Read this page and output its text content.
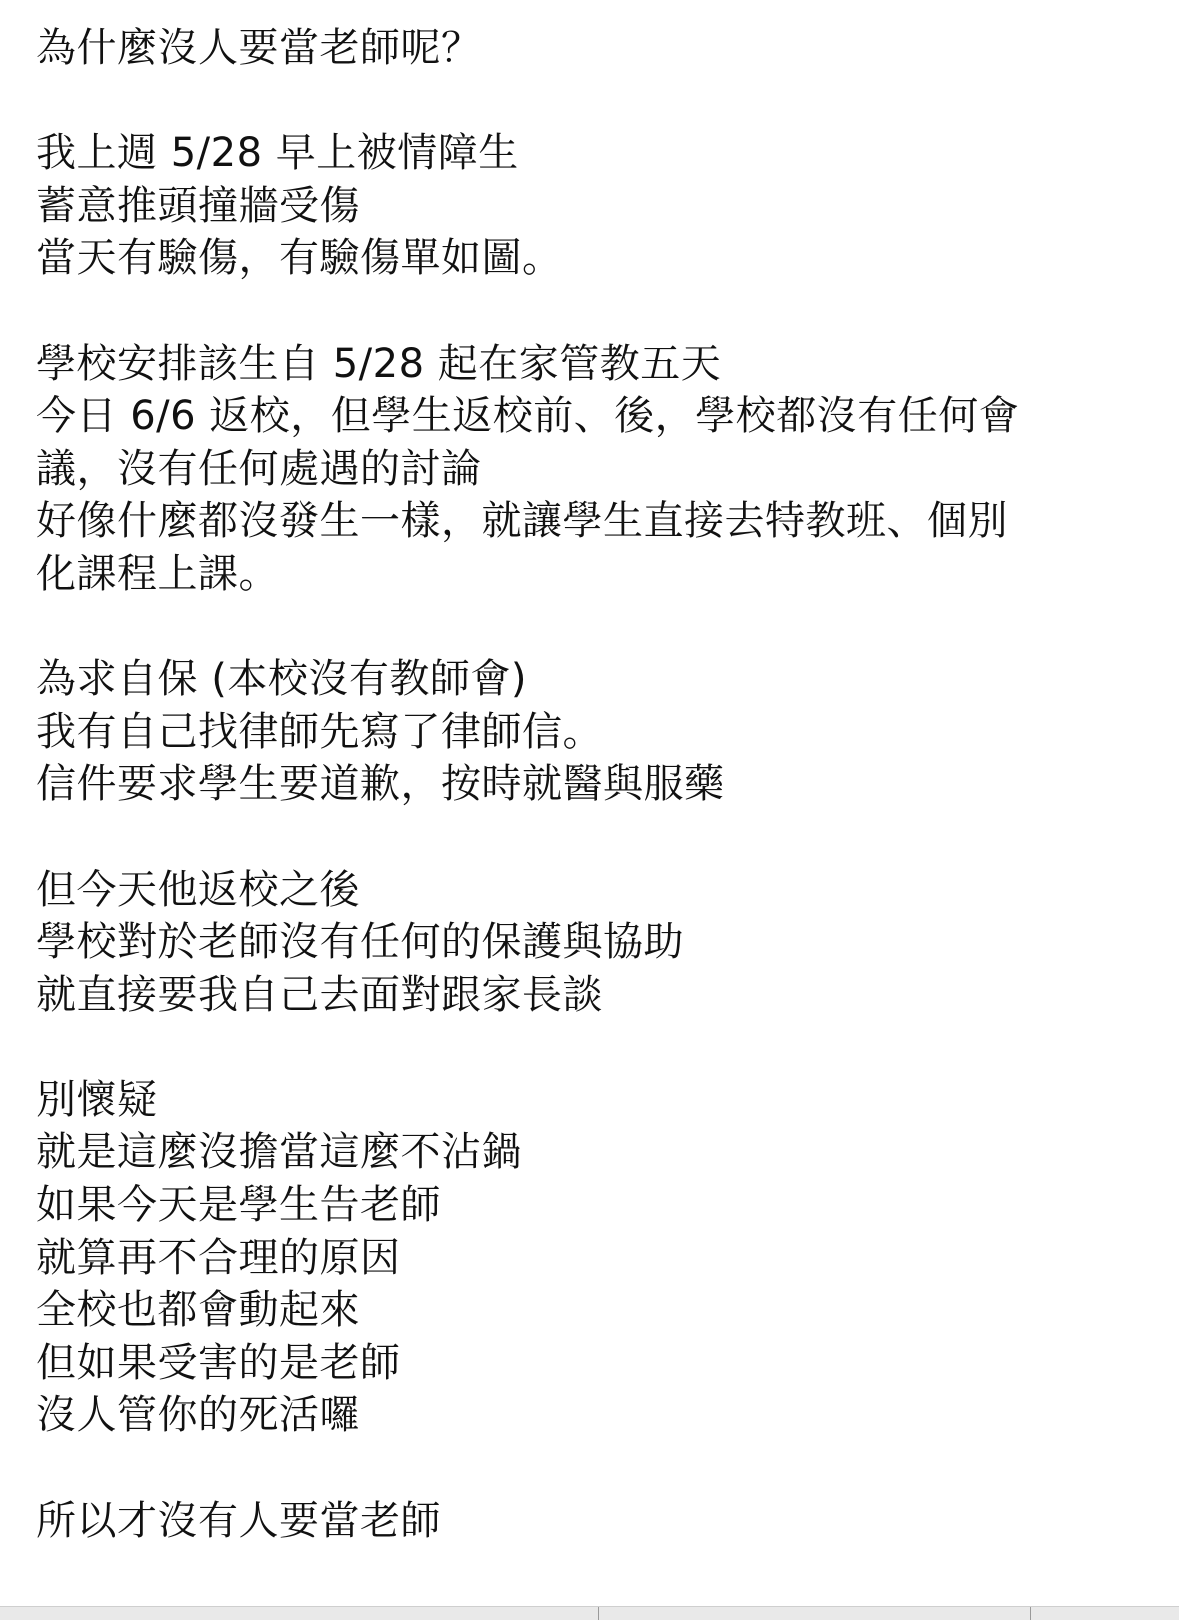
為什麼沒人要當老師呢？
我上週 5/28 早上被情障生
蓄意推頭撞牆受傷
當天有驗傷，有驗傷單如圖。
學校安排該生自 5/28 起在家管教五天
今日 6/6 返校，但學生返校前、後，學校都沒有任何會
議，沒有任何處遇的討論
好像什麼都沒發生一樣，就讓學生直接去特教班、個別
化課程上課。
為求自保 (本校沒有教師會)
我有自己找律師先寫了律師信。
信件要求學生要道歉，按時就醫與服藥
但今天他返校之後
學校對於老師沒有任何的保護與協助
就直接要我自己去面對跟家長談
別懷疑
就是這麼沒擔當這麼不沾鍋
如果今天是學生告老師
就算再不合理的原因
全校也都會動起來
但如果受害的是老師
沒人管你的死活囉
所以才沒有人要當老師
